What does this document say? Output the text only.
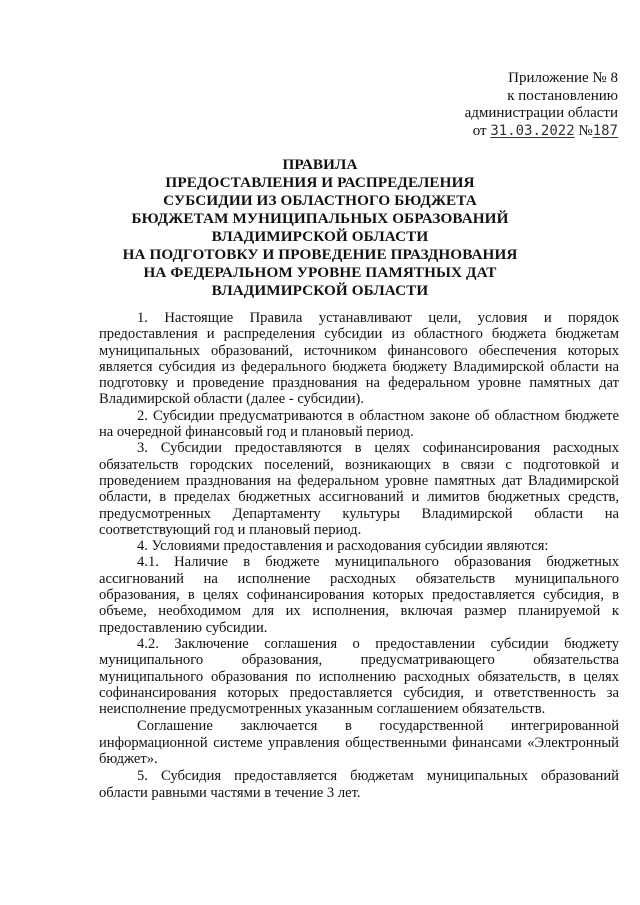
Приложение № 8
к постановлению
администрации области
от 31.03.2022 №187
ПРАВИЛА
ПРЕДОСТАВЛЕНИЯ И РАСПРЕДЕЛЕНИЯ
СУБСИДИИ ИЗ ОБЛАСТНОГО БЮДЖЕТА
БЮДЖЕТАМ МУНИЦИПАЛЬНЫХ ОБРАЗОВАНИЙ
ВЛАДИМИРСКОЙ ОБЛАСТИ
НА ПОДГОТОВКУ И ПРОВЕДЕНИЕ ПРАЗДНОВАНИЯ
НА ФЕДЕРАЛЬНОМ УРОВНЕ ПАМЯТНЫХ ДАТ
ВЛАДИМИРСКОЙ ОБЛАСТИ

1. Настоящие Правила устанавливают цели, условия и порядок предоставления и распределения субсидии из областного бюджета бюджетам муниципальных образований, источником финансового обеспечения которых является субсидия из федерального бюджета бюджету Владимирской области на подготовку и проведение празднования на федеральном уровне памятных дат Владимирской области (далее - субсидии).

2. Субсидии предусматриваются в областном законе об областном бюджете на очередной финансовый год и плановый период.

3. Субсидии предоставляются в целях софинансирования расходных обязательств городских поселений, возникающих в связи с подготовкой и проведением празднования на федеральном уровне памятных дат Владимирской области, в пределах бюджетных ассигнований и лимитов бюджетных средств, предусмотренных Департаменту культуры Владимирской области на соответствующий год и плановый период.

4. Условиями предоставления и расходования субсидии являются:

4.1. Наличие в бюджете муниципального образования бюджетных ассигнований на исполнение расходных обязательств муниципального образования, в целях софинансирования которых предоставляется субсидия, в объеме, необходимом для их исполнения, включая размер планируемой к предоставлению субсидии.

4.2. Заключение соглашения о предоставлении субсидии бюджету муниципального образования, предусматривающего обязательства муниципального образования по исполнению расходных обязательств, в целях софинансирования которых предоставляется субсидия, и ответственность за неисполнение предусмотренных указанным соглашением обязательств.

Соглашение заключается в государственной интегрированной информационной системе управления общественными финансами «Электронный бюджет».

5. Субсидия предоставляется бюджетам муниципальных образований области равными частями в течение 3 лет.
